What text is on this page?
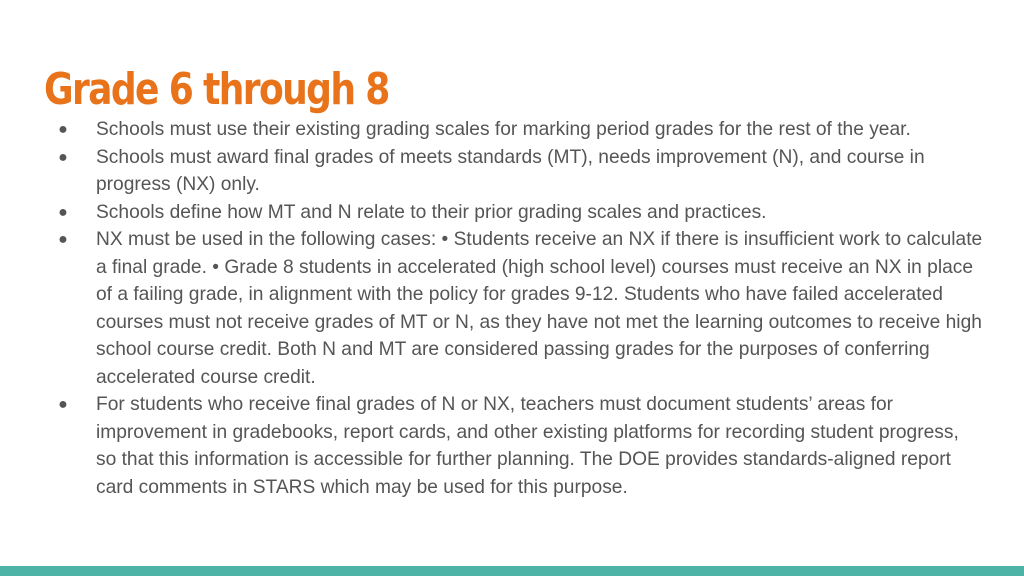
Grade 6 through 8
● Schools must use their existing grading scales for marking period grades for the rest of the year.
● Schools must award final grades of meets standards (MT), needs improvement (N), and course in progress (NX) only.
● Schools define how MT and N relate to their prior grading scales and practices.
● NX must be used in the following cases: • Students receive an NX if there is insufficient work to calculate a final grade. • Grade 8 students in accelerated (high school level) courses must receive an NX in place of a failing grade, in alignment with the policy for grades 9-12. Students who have failed accelerated courses must not receive grades of MT or N, as they have not met the learning outcomes to receive high school course credit. Both N and MT are considered passing grades for the purposes of conferring accelerated course credit.
● For students who receive final grades of N or NX, teachers must document students’ areas for improvement in gradebooks, report cards, and other existing platforms for recording student progress, so that this information is accessible for further planning. The DOE provides standards-aligned report card comments in STARS which may be used for this purpose.
